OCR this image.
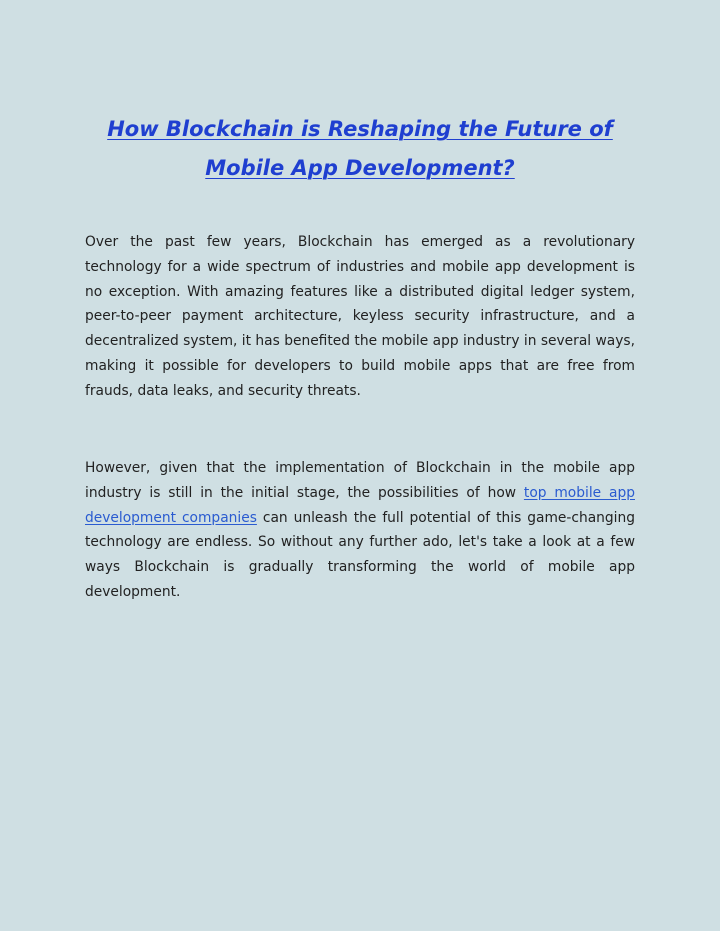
How Blockchain is Reshaping the Future of
Mobile App Development?

Over the past few years, Blockchain has emerged as a revolutionary technology for a wide spectrum of industries and mobile app development is no exception. With amazing features like a distributed digital ledger system, peer-to-peer payment architecture, keyless security infrastructure, and a decentralized system, it has benefited the mobile app industry in several ways, making it possible for developers to build mobile apps that are free from frauds, data leaks, and security threats.

However, given that the implementation of Blockchain in the mobile app industry is still in the initial stage, the possibilities of how top mobile app development companies can unleash the full potential of this game-changing technology are endless. So without any further ado, let's take a look at a few ways Blockchain is gradually transforming the world of mobile app development.
